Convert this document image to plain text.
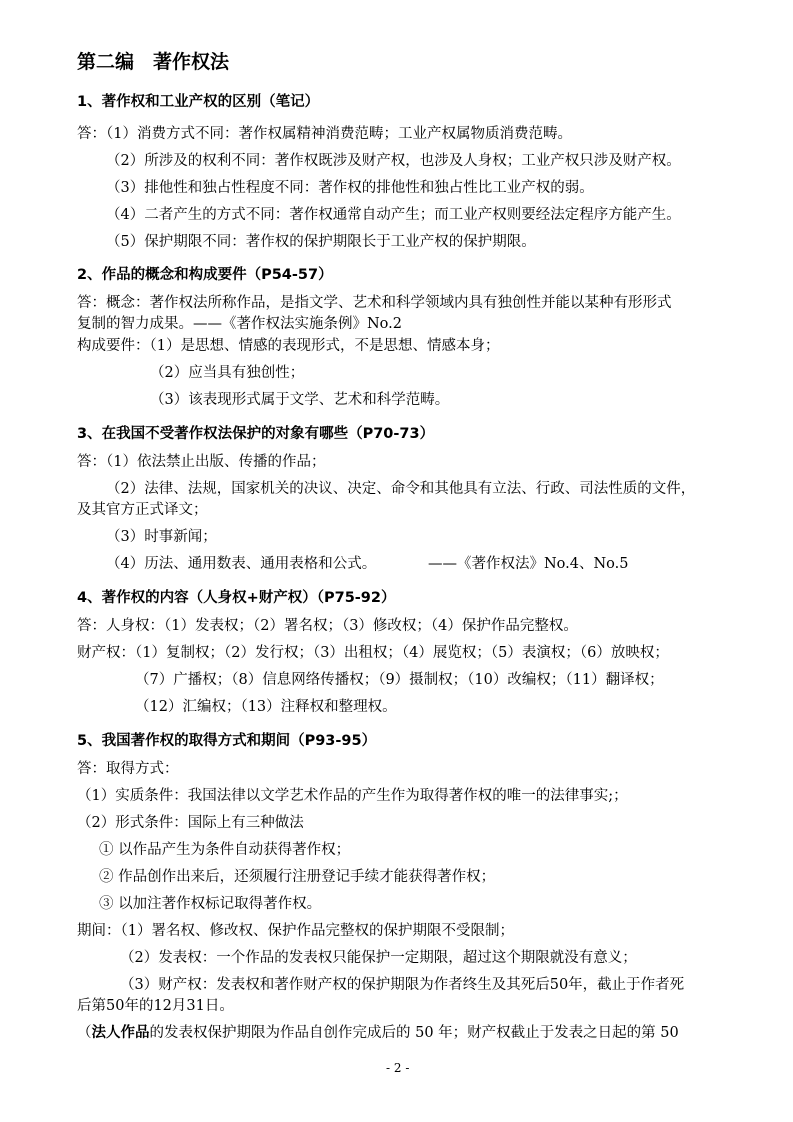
第二编　著作权法
1、著作权和工业产权的区别（笔记）
答：（1）消费方式不同：著作权属精神消费范畴；工业产权属物质消费范畴。
（2）所涉及的权利不同：著作权既涉及财产权，也涉及人身权；工业产权只涉及财产权。
（3）排他性和独占性程度不同：著作权的排他性和独占性比工业产权的弱。
（4）二者产生的方式不同：著作权通常自动产生；而工业产权则要经法定程序方能产生。
（5）保护期限不同：著作权的保护期限长于工业产权的保护期限。
2、作品的概念和构成要件（P54-57）
答：概念：著作权法所称作品，是指文学、艺术和科学领域内具有独创性并能以某种有形形式
复制的智力成果。——《著作权法实施条例》No.2
构成要件：（1）是思想、情感的表现形式，不是思想、情感本身；
（2）应当具有独创性；
（3）该表现形式属于文学、艺术和科学范畴。
3、在我国不受著作权法保护的对象有哪些（P70-73）
答：（1）依法禁止出版、传播的作品；
（2）法律、法规，国家机关的决议、决定、命令和其他具有立法、行政、司法性质的文件，
及其官方正式译文；
（3）时事新闻；
（4）历法、通用数表、通用表格和公式。	——《著作权法》No.4、No.5
4、著作权的内容（人身权+财产权）（P75-92）
答：人身权：（1）发表权；（2）署名权；（3）修改权；（4）保护作品完整权。
财产权：（1）复制权；（2）发行权；（3）出租权；（4）展览权；（5）表演权；（6）放映权；
（7）广播权；（8）信息网络传播权；（9）摄制权；（10）改编权；（11）翻译权；
（12）汇编权；（13）注释权和整理权。
5、我国著作权的取得方式和期间（P93-95）
答：取得方式：
（1）实质条件：我国法律以文学艺术作品的产生作为取得著作权的唯一的法律事实;；
（2）形式条件：国际上有三种做法
① 以作品产生为条件自动获得著作权；
② 作品创作出来后，还须履行注册登记手续才能获得著作权；
③ 以加注著作权标记取得著作权。
期间：（1）署名权、修改权、保护作品完整权的保护期限不受限制；
（2）发表权：一个作品的发表权只能保护一定期限，超过这个期限就没有意义；
（3）财产权：发表权和著作财产权的保护期限为作者终生及其死后50年，截止于作者死
后第50年的12月31日。
（法人作品的发表权保护期限为作品自创作完成后的 50 年；财产权截止于发表之日起的第 50
- 2 -
